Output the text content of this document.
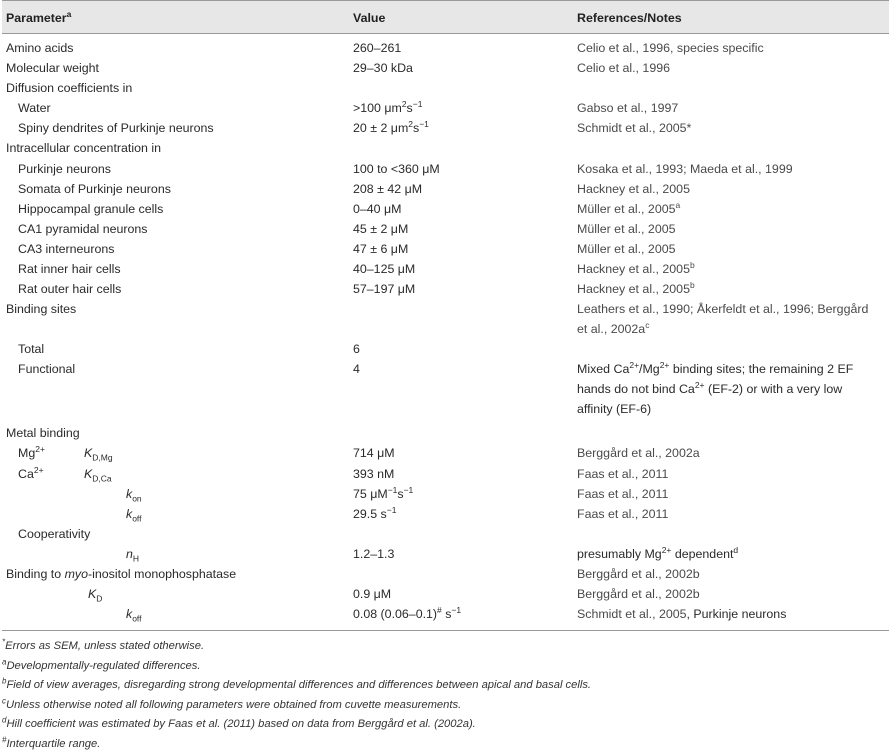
Parameter$^a$	Value	References/Notes
Amino acids	260–261	Celio et al., 1996, species specific
Molecular weight	29–30 kDa	Celio et al., 1996
Diffusion coefficients in		
Water	>100 $\mu m^2s^{-1}$	Gabso et al., 1997
Spiny dendrites of Purkinje neurons	20 ± 2 $\mu m^2s^{-1}$	Schmidt et al., 2005*
Intracellular concentration in		
Purkinje neurons	100 to <360 μM	Kosaka et al., 1993; Maeda et al., 1999
Somata of Purkinje neurons	208 ± 42 μM	Hackney et al., 2005
Hippocampal granule cells	0–40 μM	Müller et al., 2005$^a$
CA1 pyramidal neurons	45 ± 2 μM	Müller et al., 2005
CA3 interneurons	47 ± 6 μM	Müller et al., 2005
Rat inner hair cells	40–125 μM	Hackney et al., 2005$^b$
Rat outer hair cells	57–197 μM	Hackney et al., 2005$^b$
Binding sites		Leathers et al., 1990; Åkerfeldt et al., 1996; Berggård
et al., $2002a^c$
Total	6	
Functional	4	Mixed $Ca^{2+}/Mg^{2+}$ binding sites; the remaining 2 EF
hands do not bind $Ca^{2+}$ (EF-2) or with a very low
affinity (EF-6)
Metal binding		
$Mg^{2+}$ $K_{D,Mg}$	714 μM	Berggård et al., 2002a
$Ca^{2+}$ $K_{D,Ca}$	393 nM	Faas et al., 2011
$k_{on}$	75 $\mu M^{-1}s^{-1}$	Faas et al., 2011
$k_{off}$	29.5 $s^{-1}$	Faas et al., 2011
Cooperativity		
$n_H$	1.2–1.3	presumably $Mg^{2+}$ dependent$^d$
Binding to myo-inositol monophosphatase		Berggård et al., 2002b
$K_D$	0.9 μM	Berggård et al., 2002b
$k_{off}$	0.08 (0.06–0.1)# $s^{-1}$	Schmidt et al., 2005, Purkinje neurons
*Errors as SEM, unless stated otherwise.
$^a$Developmentally-regulated differences.
$^b$Field of view averages, disregarding strong developmental differences and differences between apical and basal cells.
$^c$Unless otherwise noted all following parameters were obtained from cuvette measurements.
$^d$Hill coefficient was estimated by Faas et al. (2011) based on data from Berggård et al. (2002a).
#Interquartile range.
